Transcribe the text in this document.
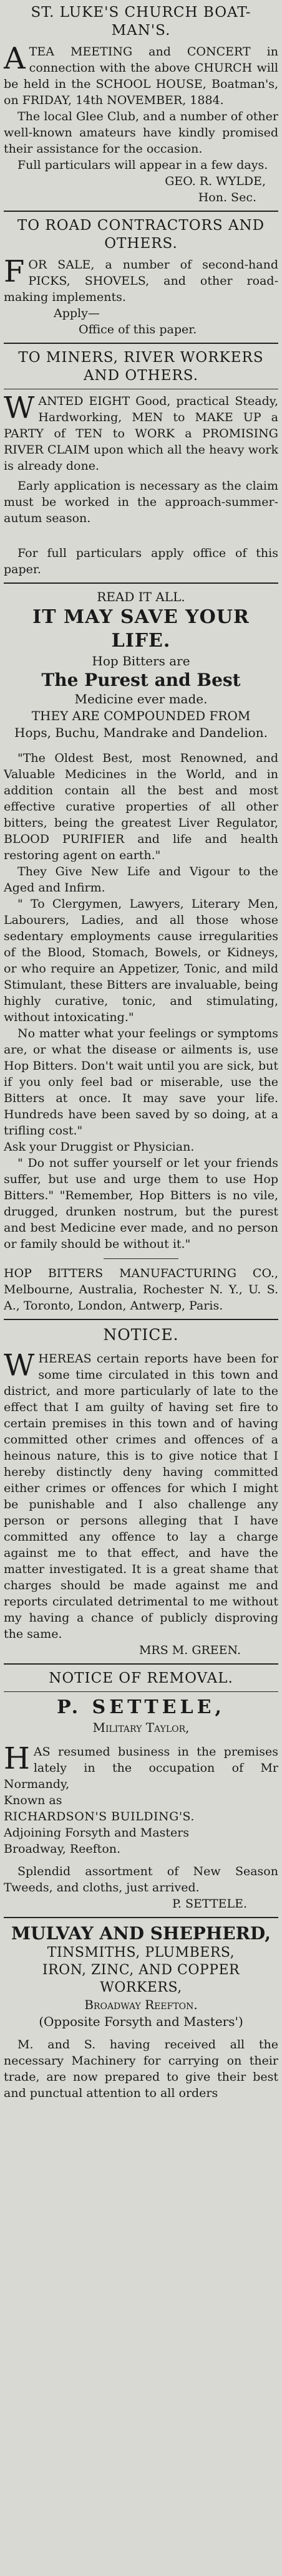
ST. LUKE'S CHURCH BOAT-MAN'S.

A TEA MEETING and CONCERT in connection with the above CHURCH will be held in the SCHOOL HOUSE, Boatman's, on FRIDAY, 14th NOVEMBER, 1884.

The local Glee Club, and a number of other well-known amateurs have kindly promised their assistance for the occasion.

Full particulars will appear in a few days.

GEO. R. WYLDE,

Hon. Sec.

TO ROAD CONTRACTORS AND OTHERS.

F OR SALE, a number of second-hand PICKS, SHOVELS, and other road-making implements.

Apply—

Office of this paper.

TO MINERS, RIVER WORKERS AND OTHERS.

W ANTED EIGHT Good, practical Steady, Hardworking, MEN to MAKE UP a PARTY of TEN to WORK a PROMISING RIVER CLAIM upon which all the heavy work is already done.

Early application is necessary as the claim must be worked in the approach-summer-autum season.

For full particulars apply office of this paper.

READ IT ALL.

IT MAY SAVE YOUR LIFE.

Hop Bitters are

The Purest and Best

Medicine ever made.

THEY ARE COMPOUNDED FROM

Hops, Buchu, Mandrake and Dandelion.

"The Oldest Best, most Renowned, and Valuable Medicines in the World, and in addition contain all the best and most effective curative properties of all other bitters, being the greatest Liver Regulator, BLOOD PURIFIER and life and health restoring agent on earth."

They Give New Life and Vigour to the Aged and Infirm.

" To Clergymen, Lawyers, Literary Men, Labourers, Ladies, and all those whose sedentary employments cause irregularities of the Blood, Stomach, Bowels, or Kidneys, or who require an Appetizer, Tonic, and mild Stimulant, these Bitters are invaluable, being highly curative, tonic, and stimulating, without intoxicating."

No matter what your feelings or symptoms are, or what the disease or ailments is, use Hop Bitters. Don't wait until you are sick, but if you only feel bad or miserable, use the Bitters at once. It may save your life. Hundreds have been saved by so doing, at a trifling cost."

Ask your Druggist or Physician.

" Do not suffer yourself or let your friends suffer, but use and urge them to use Hop Bitters." "Remember, Hop Bitters is no vile, drugged, drunken nostrum, but the purest and best Medicine ever made, and no person or family should be without it."

HOP BITTERS MANUFACTURING CO., Melbourne, Australia, Rochester N. Y., U. S. A., Toronto, London, Antwerp, Paris.

NOTICE.

W HEREAS certain reports have been for some time circulated in this town and district, and more particularly of late to the effect that I am guilty of having set fire to certain premises in this town and of having committed other crimes and offences of a heinous nature, this is to give notice that I hereby distinctly deny having committed either crimes or offences for which I might be punishable and I also challenge any person or persons alleging that I have committed any offence to lay a charge against me to that effect, and have the matter investigated. It is a great shame that charges should be made against me and reports circulated detrimental to me without my having a chance of publicly disproving the same.

MRS M. GREEN.

NOTICE OF REMOVAL.

P. SETTELE,

Military Taylor,

H AS resumed business in the premises lately in the occupation of Mr Normandy,

Known as

RICHARDSON'S BUILDING'S.

Adjoining Forsyth and Masters

Broadway, Reefton.

Splendid assortment of New Season Tweeds, and cloths, just arrived.

P. SETTELE.

MULVAY AND SHEPHERD,

TINSMITHS, PLUMBERS,

IRON, ZINC, AND COPPER WORKERS,

Broadway Reefton.

(Opposite Forsyth and Masters')

M. and S. having received all the necessary Machinery for carrying on their trade, are now prepared to give their best and punctual attention to all orders
